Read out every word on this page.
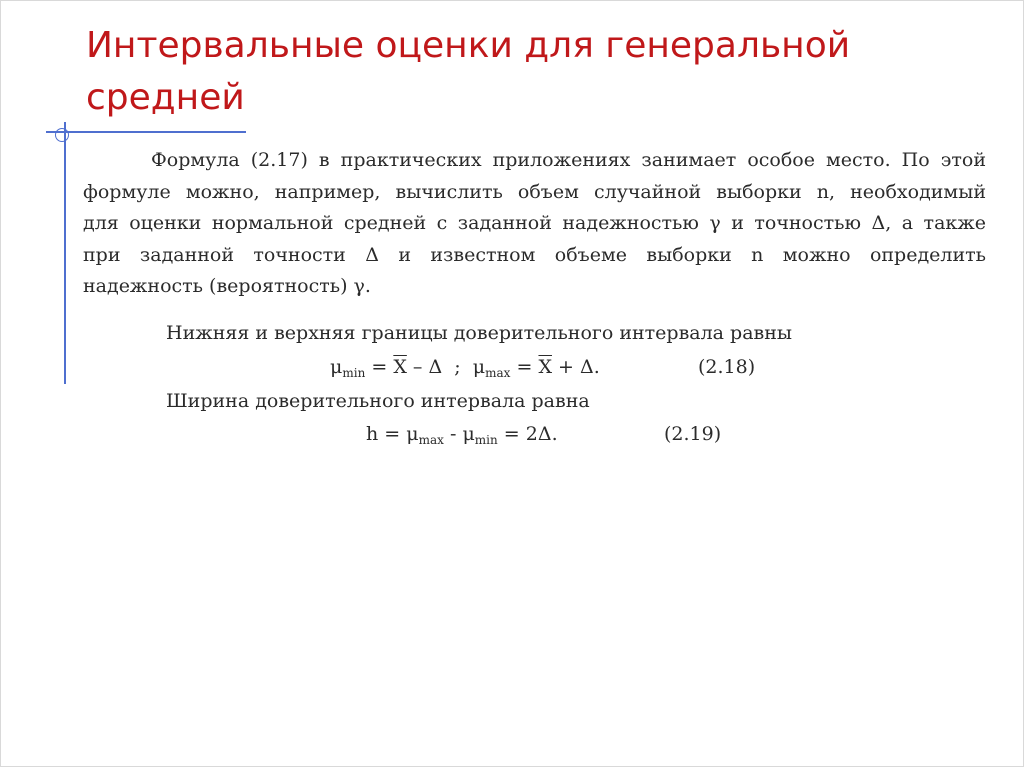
Интервальные оценки для генеральной средней
Формула (2.17) в практических приложениях занимает особое место. По этой
формуле можно, например, вычислить объем случайной выборки n, необходимый
для оценки нормальной средней с заданной надежностью γ и точностью Δ, а также
при заданной точности Δ и известном объеме выборки n можно определить
надежность (вероятность) γ.
Нижняя и верхняя границы доверительного интервала равны
$\mu_{min} = \overline{X} - \Delta$ ; $\mu_{max} = \overline{X} + \Delta$.	(2.18)
Ширина доверительного интервала равна
$h = \mu_{max} - \mu_{min} = 2\Delta$.	(2.19)
